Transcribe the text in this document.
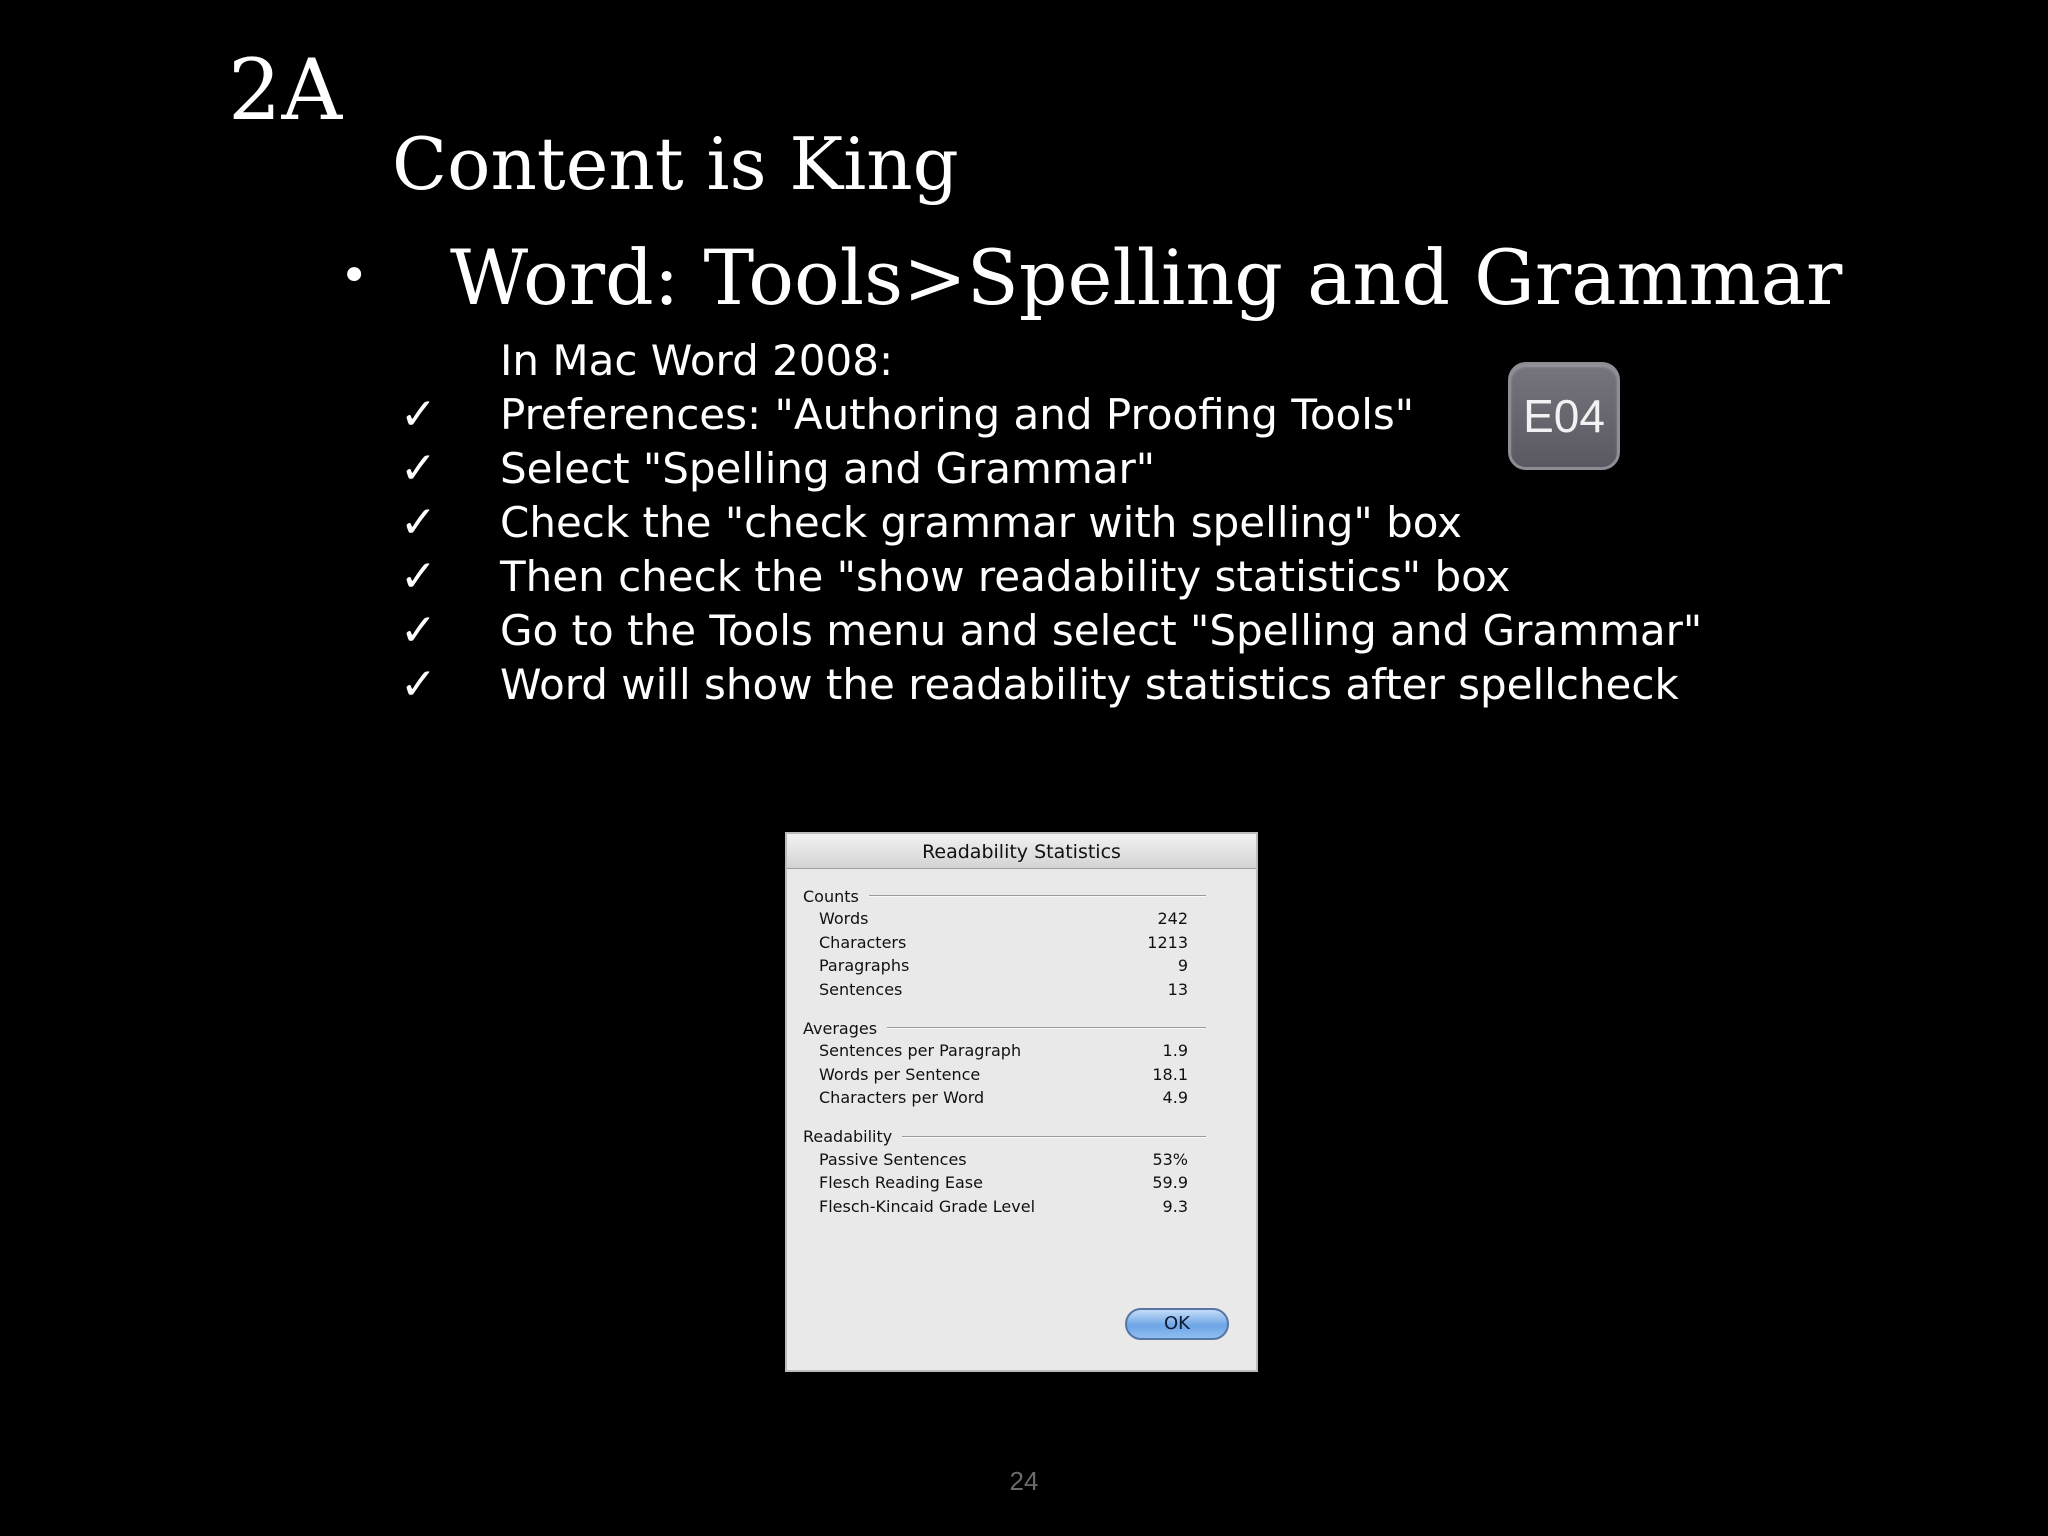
2A
Content is King
• Word: Tools>Spelling and Grammar
In Mac Word 2008:
✓	Preferences: "Authoring and Proofing Tools"
✓	Select "Spelling and Grammar"
✓	Check the "check grammar with spelling" box
✓	Then check the "show readability statistics" box
✓	Go to the Tools menu and select "Spelling and Grammar"
✓	Word will show the readability statistics after spellcheck
E04
Readability Statistics
Counts
Words	242
Characters	1213
Paragraphs	9
Sentences	13
Averages
Sentences per Paragraph	1.9
Words per Sentence	18.1
Characters per Word	4.9
Readability
Passive Sentences	53%
Flesch Reading Ease	59.9
Flesch-Kincaid Grade Level	9.3
OK
24
